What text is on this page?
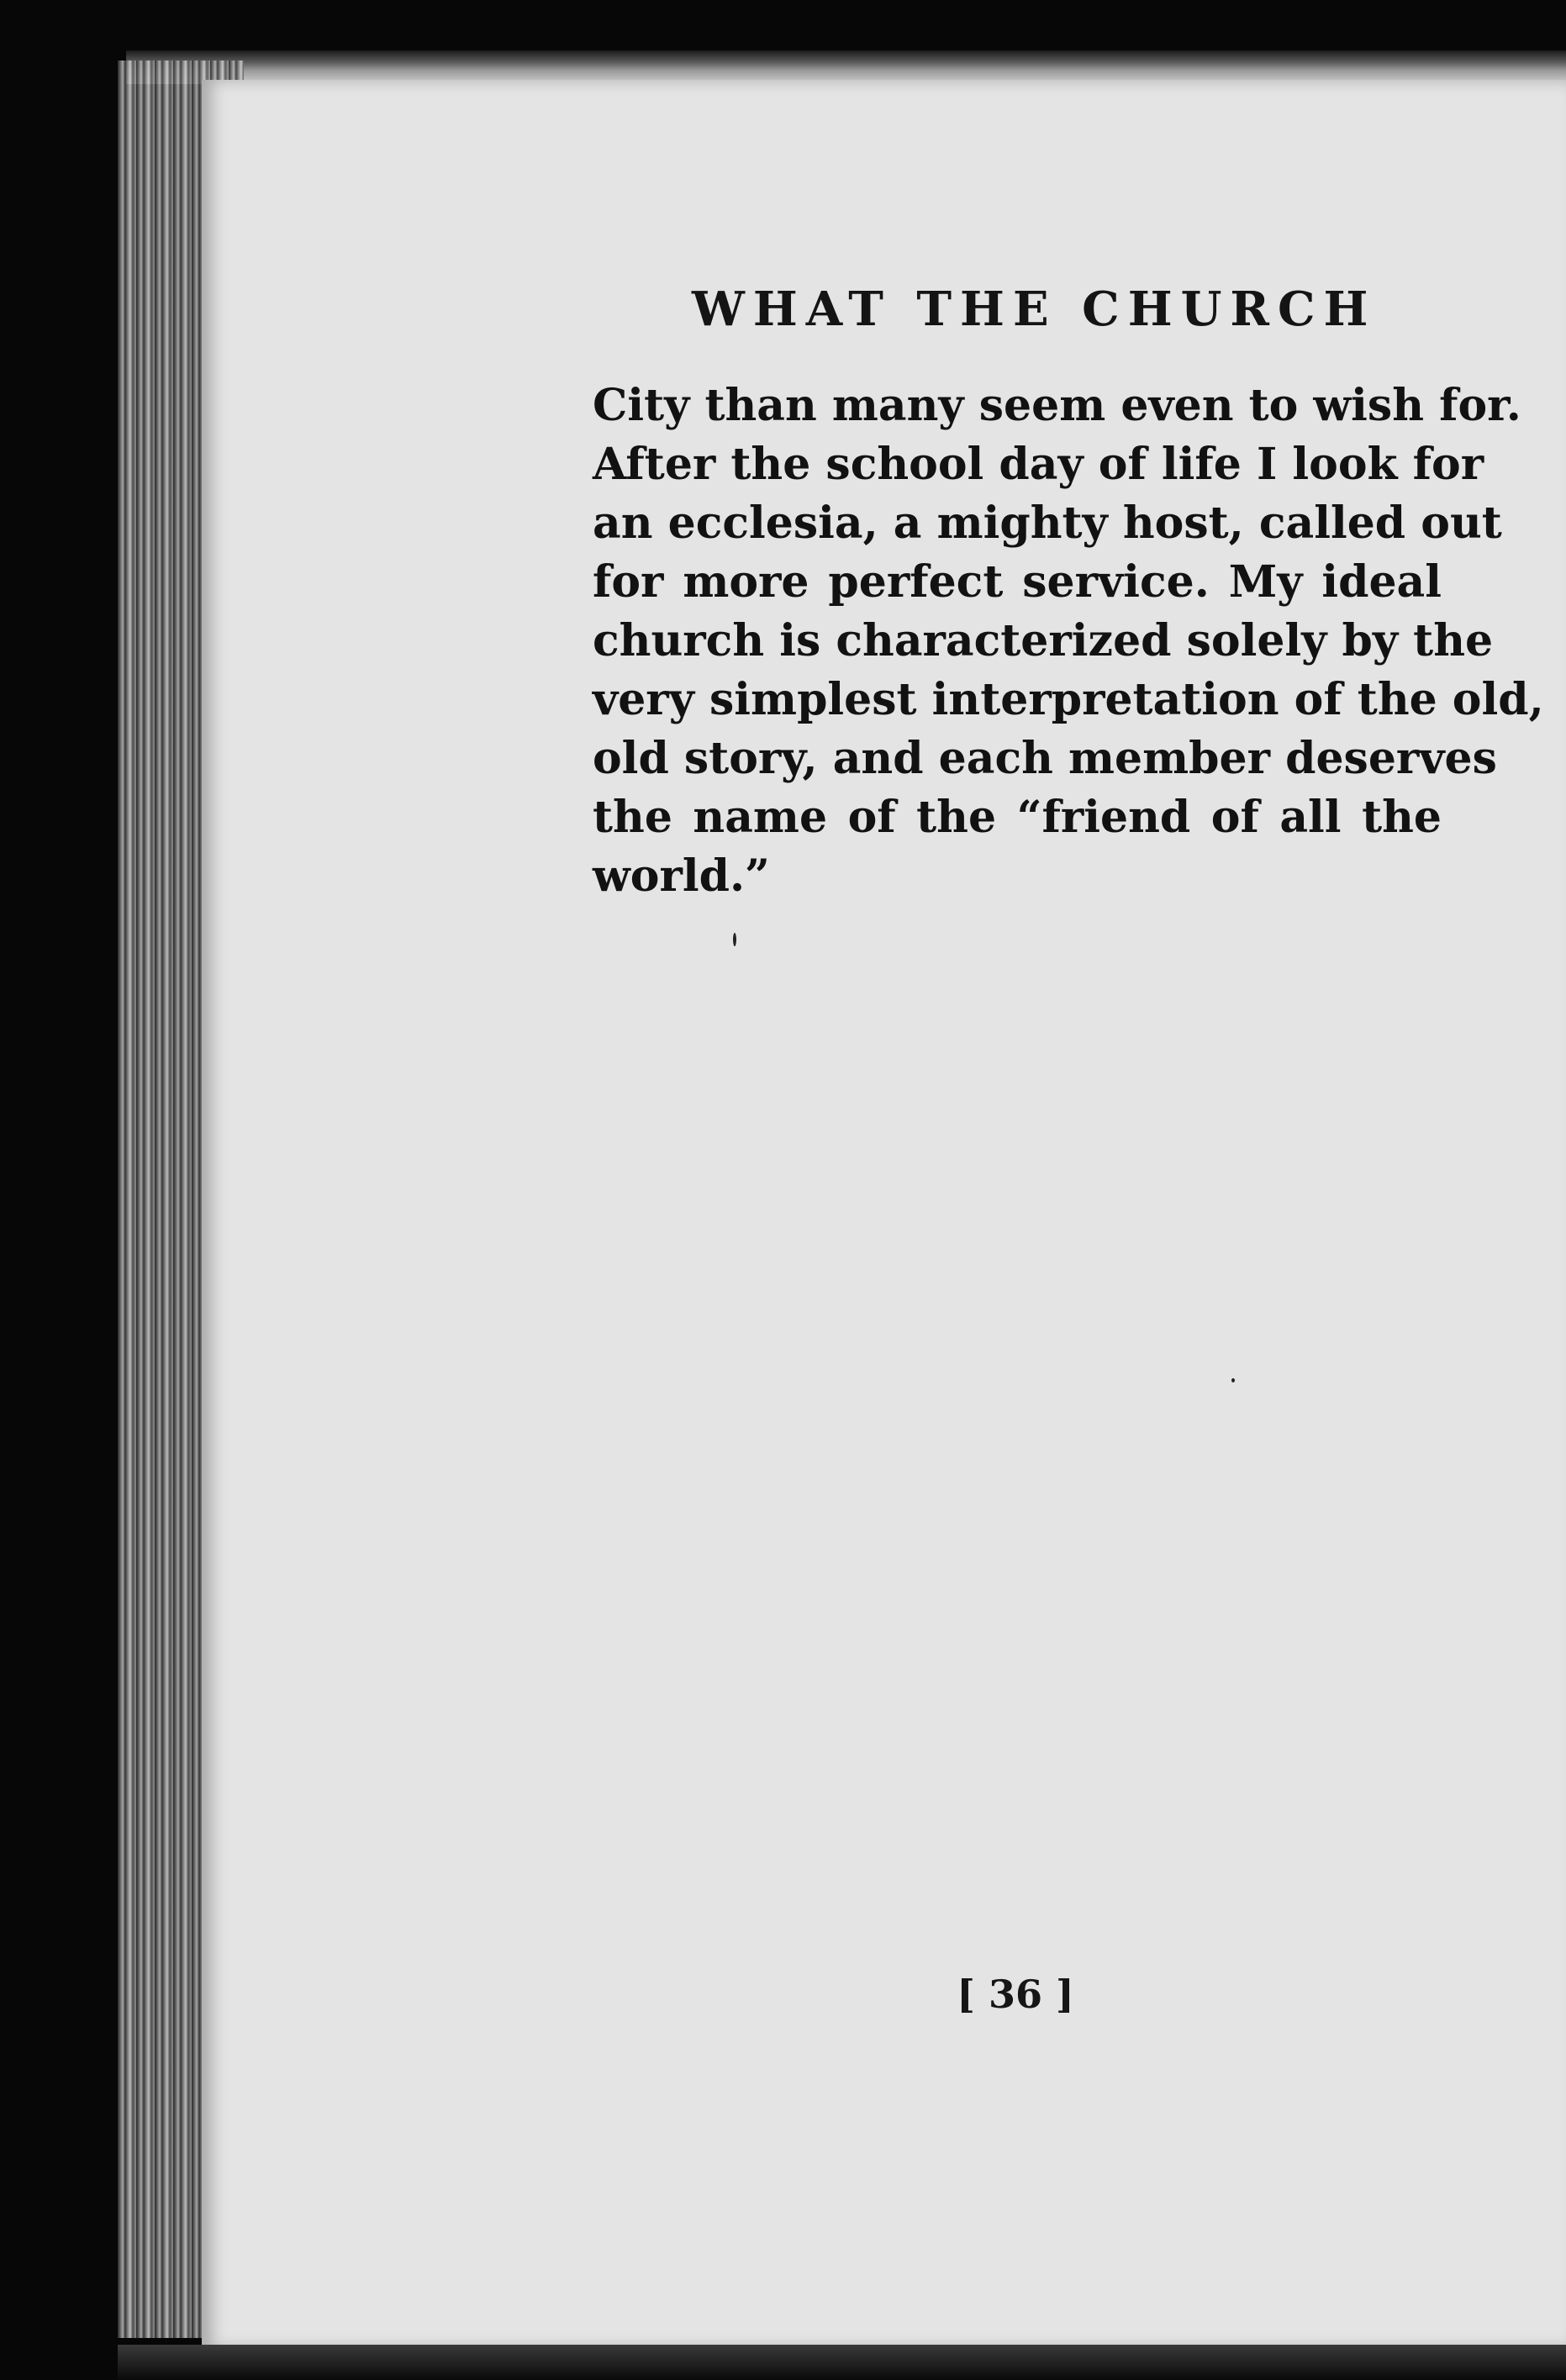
WHAT THE CHURCH
City than many seem even to wish for.
After the school day of life I look for
an ecclesia, a mighty host, called out
for more perfect service. My ideal
church is characterized solely by the
very simplest interpretation of the old,
old story, and each member deserves
the name of the “friend of all the
world.”
[ 36 ]
